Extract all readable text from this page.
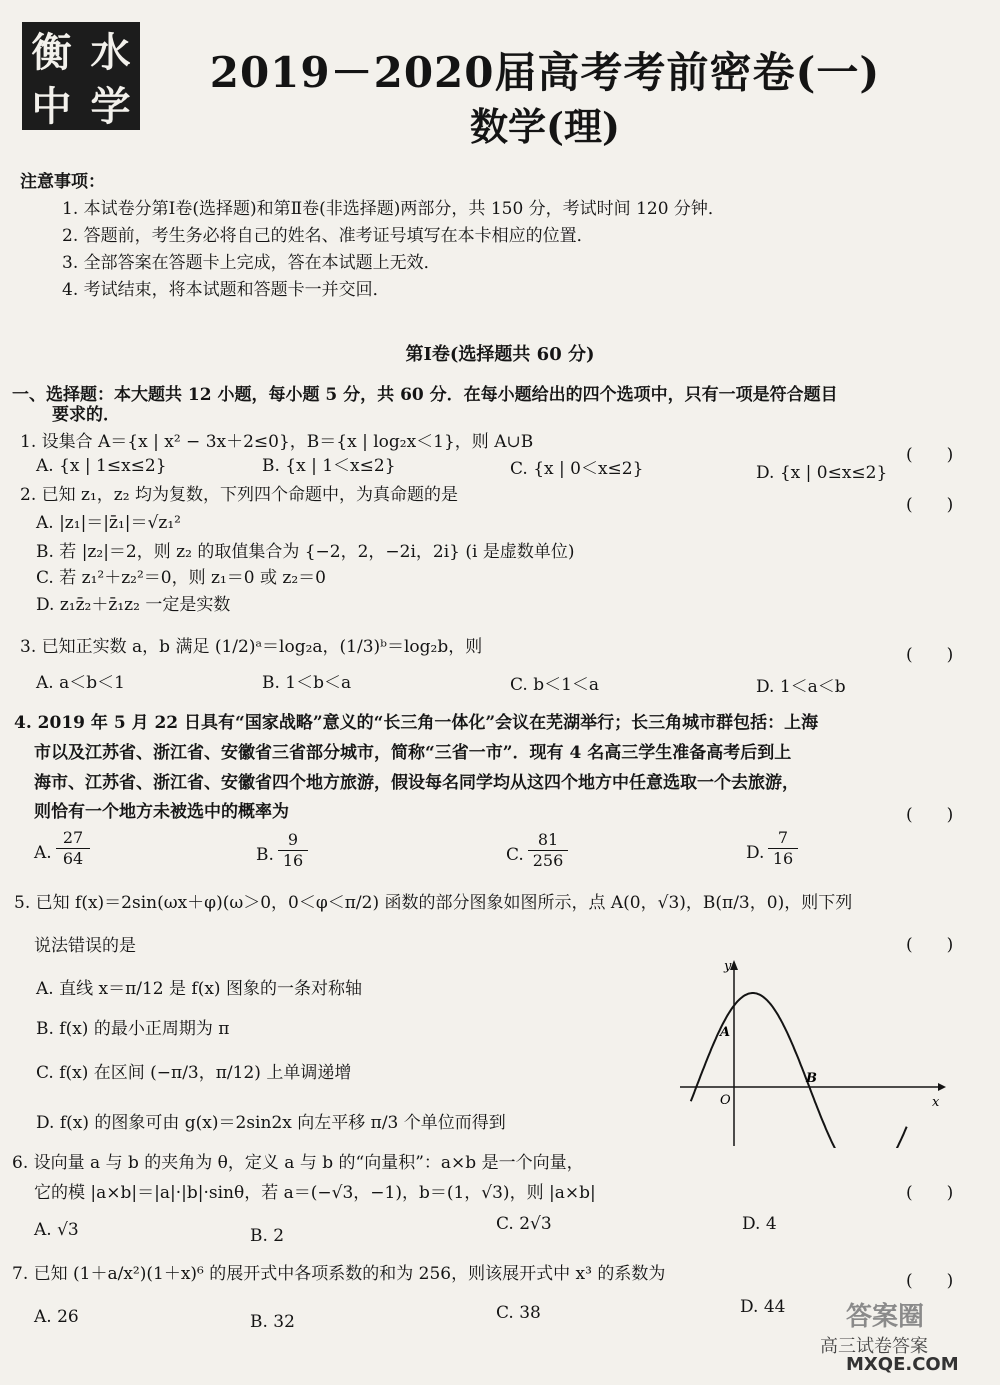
衡 水
中 学
2019－2020届高考考前密卷(一)
数学(理)
注意事项：
1. 本试卷分第Ⅰ卷(选择题)和第Ⅱ卷(非选择题)两部分，共 150 分，考试时间 120 分钟．
2. 答题前，考生务必将自己的姓名、准考证号填写在本卡相应的位置．
3. 全部答案在答题卡上完成，答在本试题上无效．
4. 考试结束，将本试题和答题卡一并交回．
第Ⅰ卷(选择题共 60 分)
一、选择题：本大题共 12 小题，每小题 5 分，共 60 分．在每小题给出的四个选项中，只有一项是符合题目
要求的．
1. 设集合 A＝{x | x² − 3x＋2≤0}，B＝{x | log₂x＜1}，则 A∪B
(　　)
A. {x | 1≤x≤2}	B. {x | 1＜x≤2}	C. {x | 0＜x≤2}	D. {x | 0≤x≤2}
2. 已知 z₁，z₂ 均为复数，下列四个命题中，为真命题的是	(　　)
A. |z₁|＝|z̄₁|＝√z₁²
B. 若 |z₂|＝2，则 z₂ 的取值集合为 {−2，2，−2i，2i} (i 是虚数单位)
C. 若 z₁²＋z₂²＝0，则 z₁＝0 或 z₂＝0
D. z₁z̄₂＋z̄₁z₂ 一定是实数
3. 已知正实数 a，b 满足 (1/2)ᵃ＝log₂a，(1/3)ᵇ＝log₂b，则	(　　)
A. a＜b＜1	B. 1＜b＜a	C. b＜1＜a	D. 1＜a＜b
4. 2019 年 5 月 22 日具有“国家战略”意义的“长三角一体化”会议在芜湖举行；长三角城市群包括：上海
市以及江苏省、浙江省、安徽省三省部分城市，简称“三省一市”．现有 4 名高三学生准备高考后到上
海市、江苏省、浙江省、安徽省四个地方旅游，假设每名同学均从这四个地方中任意选取一个去旅游，
则恰有一个地方未被选中的概率为	(　　)
A. $\frac{27}{64}$	B. $\frac{9}{16}$	C. $\frac{81}{256}$	D. $\frac{7}{16}$
5. 已知 f(x)＝2sin(ωx＋φ)(ω＞0，0＜φ＜π/2) 函数的部分图象如图所示，点 A(0，√3)，B(π/3，0)，则下列
说法错误的是	(　　)
A. 直线 x＝π/12 是 f(x) 图象的一条对称轴
B. f(x) 的最小正周期为 π
C. f(x) 在区间 (−π/3，π/12) 上单调递增
D. f(x) 的图象可由 g(x)＝2sin2x 向左平移 π/3 个单位而得到
y
x
O
A
B
6. 设向量 a 与 b 的夹角为 θ，定义 a 与 b 的“向量积”：a×b 是一个向量，
它的模 |a×b|＝|a|·|b|·sinθ，若 a＝(−√3，−1)，b＝(1，√3)，则 |a×b|	(　　)
A. √3	B. 2
C. 2√3	D. 4
7. 已知 (1＋a/x²)(1＋x)⁶ 的展开式中各项系数的和为 256，则该展开式中 x³ 的系数为	(　　)
A. 26	B. 32	C. 38	D. 44 答案圈
高三试卷答案
MXQE.COM
